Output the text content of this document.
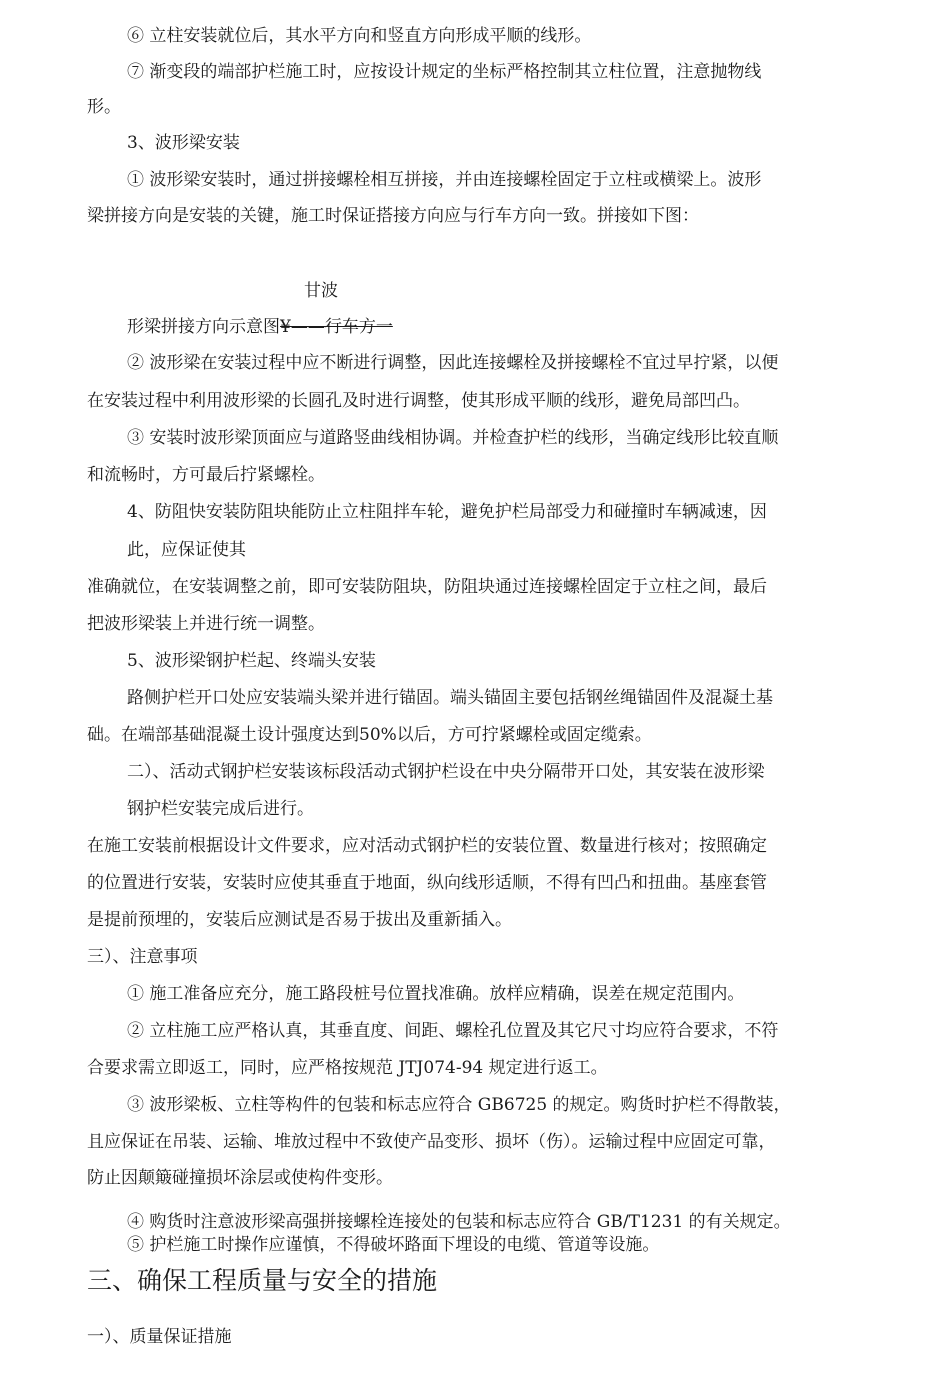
⑥ 立柱安装就位后，其水平方向和竖直方向形成平顺的线形。
⑦ 渐变段的端部护栏施工时，应按设计规定的坐标严格控制其立柱位置，注意抛物线
形。
3、波形梁安装
① 波形梁安装时，通过拼接螺栓相互拼接，并由连接螺栓固定于立柱或横梁上。波形
梁拼接方向是安装的关键，施工时保证搭接方向应与行车方向一致。拼接如下图：
甘波
形梁拼接方向示意图¥——行车方一
② 波形梁在安装过程中应不断进行调整，因此连接螺栓及拼接螺栓不宜过早拧紧，以便
在安装过程中利用波形梁的长圆孔及时进行调整，使其形成平顺的线形，避免局部凹凸。
③ 安装时波形梁顶面应与道路竖曲线相协调。并检查护栏的线形，当确定线形比较直顺
和流畅时，方可最后拧紧螺栓。
4、防阻快安装防阻块能防止立柱阻拌车轮，避免护栏局部受力和碰撞时车辆减速，因
此，应保证使其
准确就位，在安装调整之前，即可安装防阻块，防阻块通过连接螺栓固定于立柱之间，最后
把波形梁装上并进行统一调整。
5、波形梁钢护栏起、终端头安装
路侧护栏开口处应安装端头梁并进行锚固。端头锚固主要包括钢丝绳锚固件及混凝土基
础。在端部基础混凝土设计强度达到50%以后，方可拧紧螺栓或固定缆索。
二）、活动式钢护栏安装该标段活动式钢护栏设在中央分隔带开口处，其安装在波形梁
钢护栏安装完成后进行。
在施工安装前根据设计文件要求，应对活动式钢护栏的安装位置、数量进行核对；按照确定
的位置进行安装，安装时应使其垂直于地面，纵向线形适顺，不得有凹凸和扭曲。基座套管
是提前预埋的，安装后应测试是否易于拔出及重新插入。
三）、注意事项
① 施工准备应充分，施工路段桩号位置找准确。放样应精确，误差在规定范围内。
② 立柱施工应严格认真，其垂直度、间距、螺栓孔位置及其它尺寸均应符合要求，不符
合要求需立即返工，同时，应严格按规范 JTJ074-94 规定进行返工。
③ 波形梁板、立柱等构件的包装和标志应符合 GB6725 的规定。购货时护栏不得散装，
且应保证在吊装、运输、堆放过程中不致使产品变形、损坏（伤）。运输过程中应固定可靠，
防止因颠簸碰撞损坏涂层或使构件变形。
④ 购货时注意波形梁高强拼接螺栓连接处的包装和标志应符合 GB/T1231 的有关规定。
⑤ 护栏施工时操作应谨慎，不得破坏路面下埋设的电缆、管道等设施。
三、确保工程质量与安全的措施
一）、质量保证措施
